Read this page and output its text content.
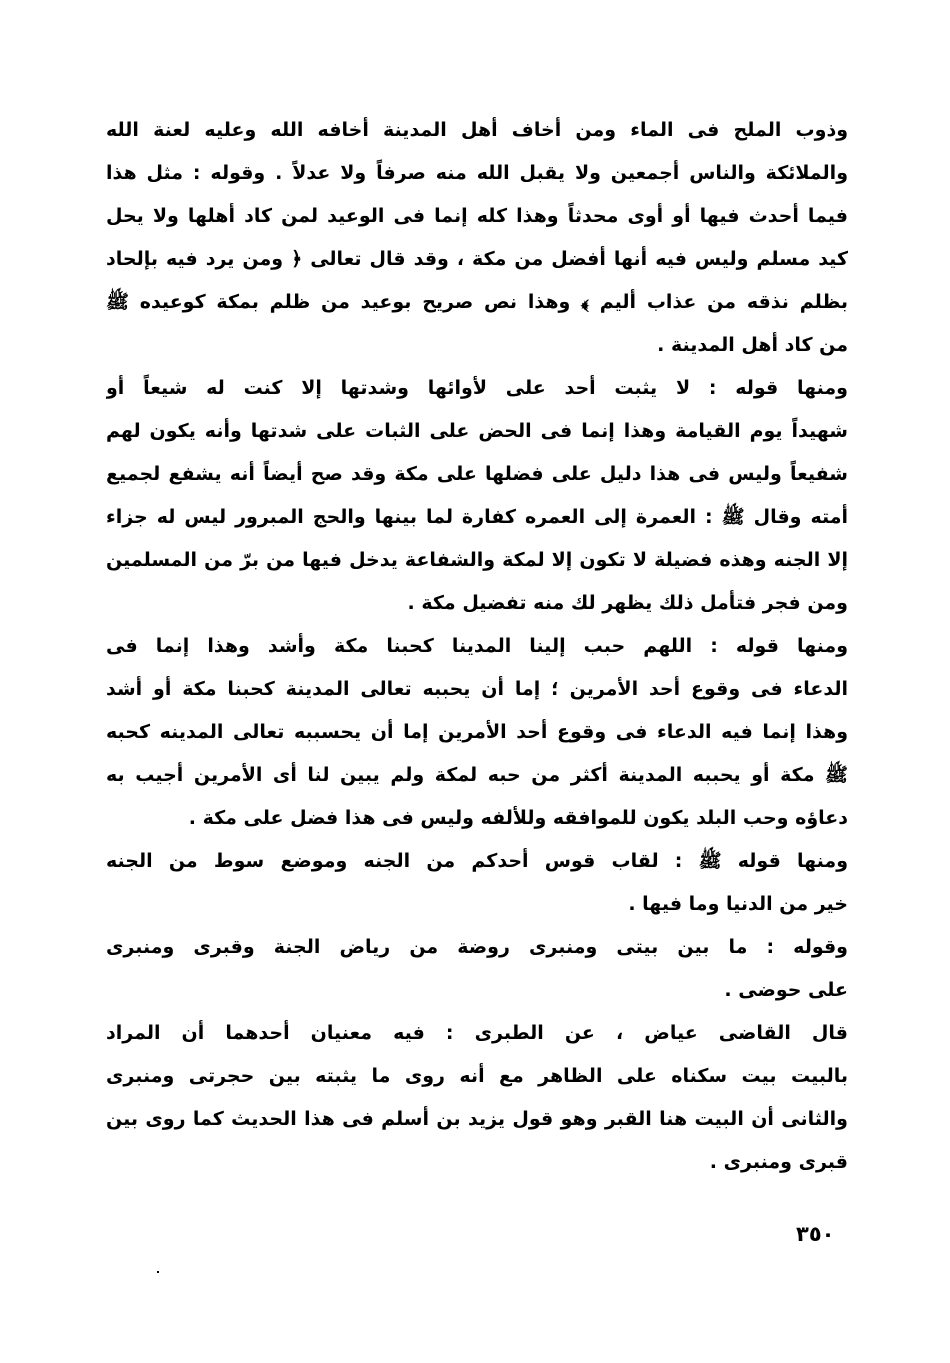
وذوب الملح فى الماء ومن أخاف أهل المدينة أخافه الله وعليه لعنة الله
والملائكة والناس أجمعين ولا يقبل الله منه صرفاً ولا عدلاً . وقوله : مثل هذا
فيما أحدث فيها أو أوى محدثاً وهذا كله إنما فى الوعيد لمن كاد أهلها ولا يحل
كيد مسلم وليس فيه أنها أفضل من مكة ، وقد قال تعالى ﴿ ومن يرد فيه بإلحاد
بظلم نذقه من عذاب أليم ﴾ وهذا نص صريح بوعيد من ظلم بمكة كوعيده ﷺ
من كاد أهل المدينة .
ومنها قوله : لا يثبت أحد على لأوائها وشدتها إلا كنت له شيعاً أو
شهيداً يوم القيامة وهذا إنما فى الحض على الثبات على شدتها وأنه يكون لهم
شفيعاً وليس فى هذا دليل على فضلها على مكة وقد صح أيضاً أنه يشفع لجميع
أمته وقال ﷺ : العمرة إلى العمره كفارة لما بينها والحج المبرور ليس له جزاء
إلا الجنه وهذه فضيلة لا تكون إلا لمكة والشفاعة يدخل فيها من برّ من المسلمين
ومن فجر فتأمل ذلك يظهر لك منه تفضيل مكة .
ومنها قوله : اللهم حبب إلينا المدينا كحبنا مكة وأشد وهذا إنما فى
الدعاء فى وقوع أحد الأمرين ؛ إما أن يحببه تعالى المدينة كحبنا مكة أو أشد
وهذا إنما فيه الدعاء فى وقوع أحد الأمرين إما أن يحسببه تعالى المدينه كحبه
ﷺ مكة أو يحببه المدينة أكثر من حبه لمكة ولم يبين لنا أى الأمرين أجيب به
دعاؤه وحب البلد يكون للموافقه وللألفه وليس فى هذا فضل على مكة .
ومنها قوله ﷺ : لقاب قوس أحدكم من الجنه وموضع سوط من الجنه
خير من الدنيا وما فيها .
وقوله : ما بين بيتى ومنبرى روضة من رياض الجنة وقبرى ومنبرى
على حوضى .
قال القاضى عياض ، عن الطبرى : فيه معنيان أحدهما أن المراد
بالبيت بيت سكناه على الظاهر مع أنه روى ما يثبته بين حجرتى ومنبرى
والثانى أن البيت هنا القبر وهو قول يزيد بن أسلم فى هذا الحديث كما روى بين
قبرى ومنبرى .
٣٥٠
